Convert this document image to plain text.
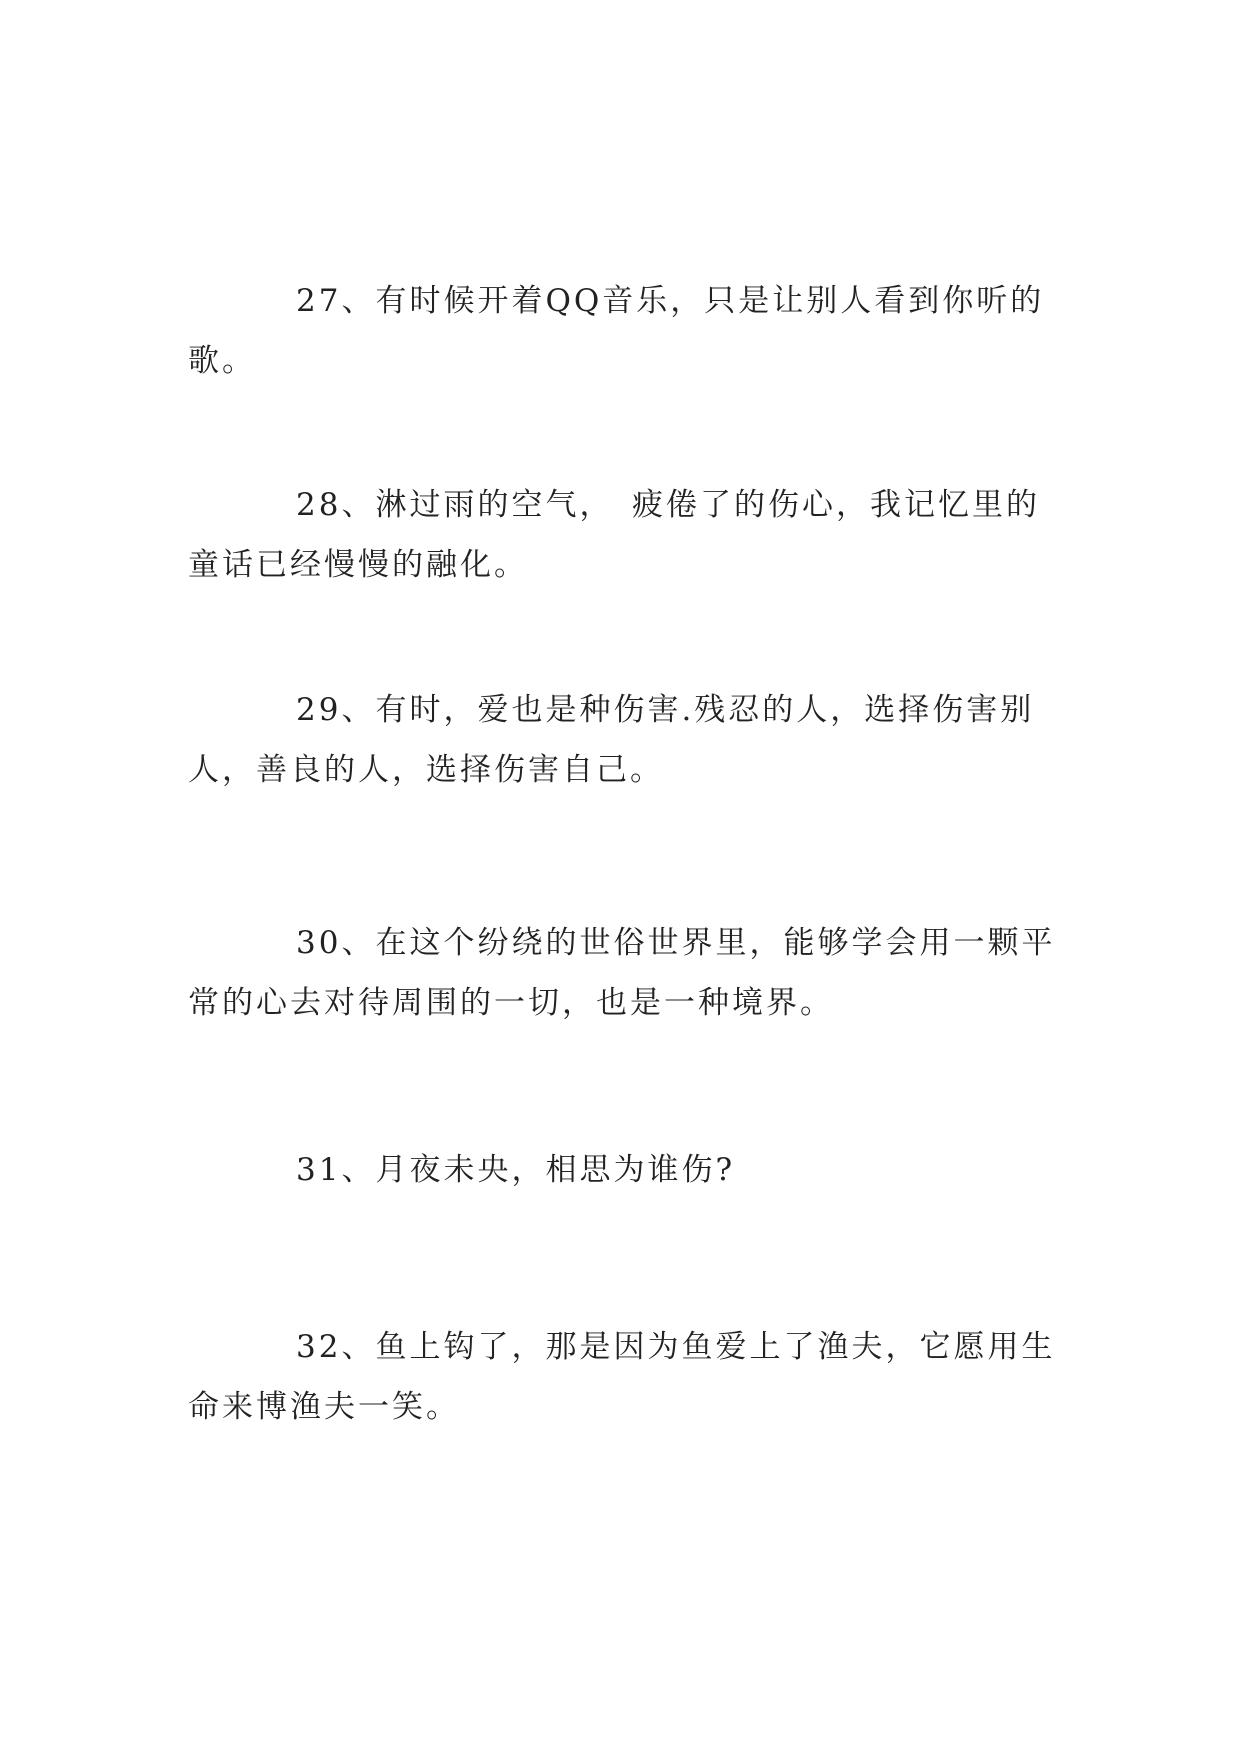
27、有时候开着QQ音乐，只是让别人看到你听的歌。

28、淋过雨的空气，　疲倦了的伤心，我记忆里的童话已经慢慢的融化。

29、有时，爱也是种伤害.残忍的人，选择伤害别人，善良的人，选择伤害自己。

30、在这个纷绕的世俗世界里，能够学会用一颗平常的心去对待周围的一切，也是一种境界。

31、月夜未央，相思为谁伤?

32、鱼上钩了，那是因为鱼爱上了渔夫，它愿用生命来博渔夫一笑。
